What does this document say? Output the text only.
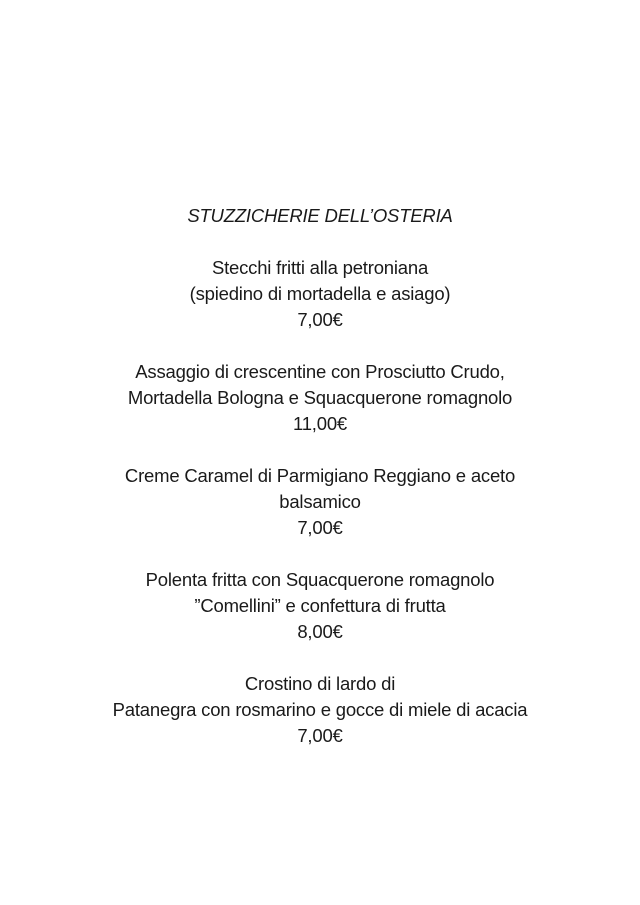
STUZZICHERIE DELL’OSTERIA
Stecchi fritti alla petroniana
(spiedino di mortadella e asiago)
7,00€
Assaggio di crescentine con Prosciutto Crudo,
Mortadella Bologna e Squacquerone romagnolo
11,00€
Creme Caramel di Parmigiano Reggiano e aceto
balsamico
7,00€
Polenta fritta con Squacquerone romagnolo
”Comellini” e confettura di frutta
8,00€
Crostino di lardo di
Patanegra con rosmarino e gocce di miele di acacia
7,00€
